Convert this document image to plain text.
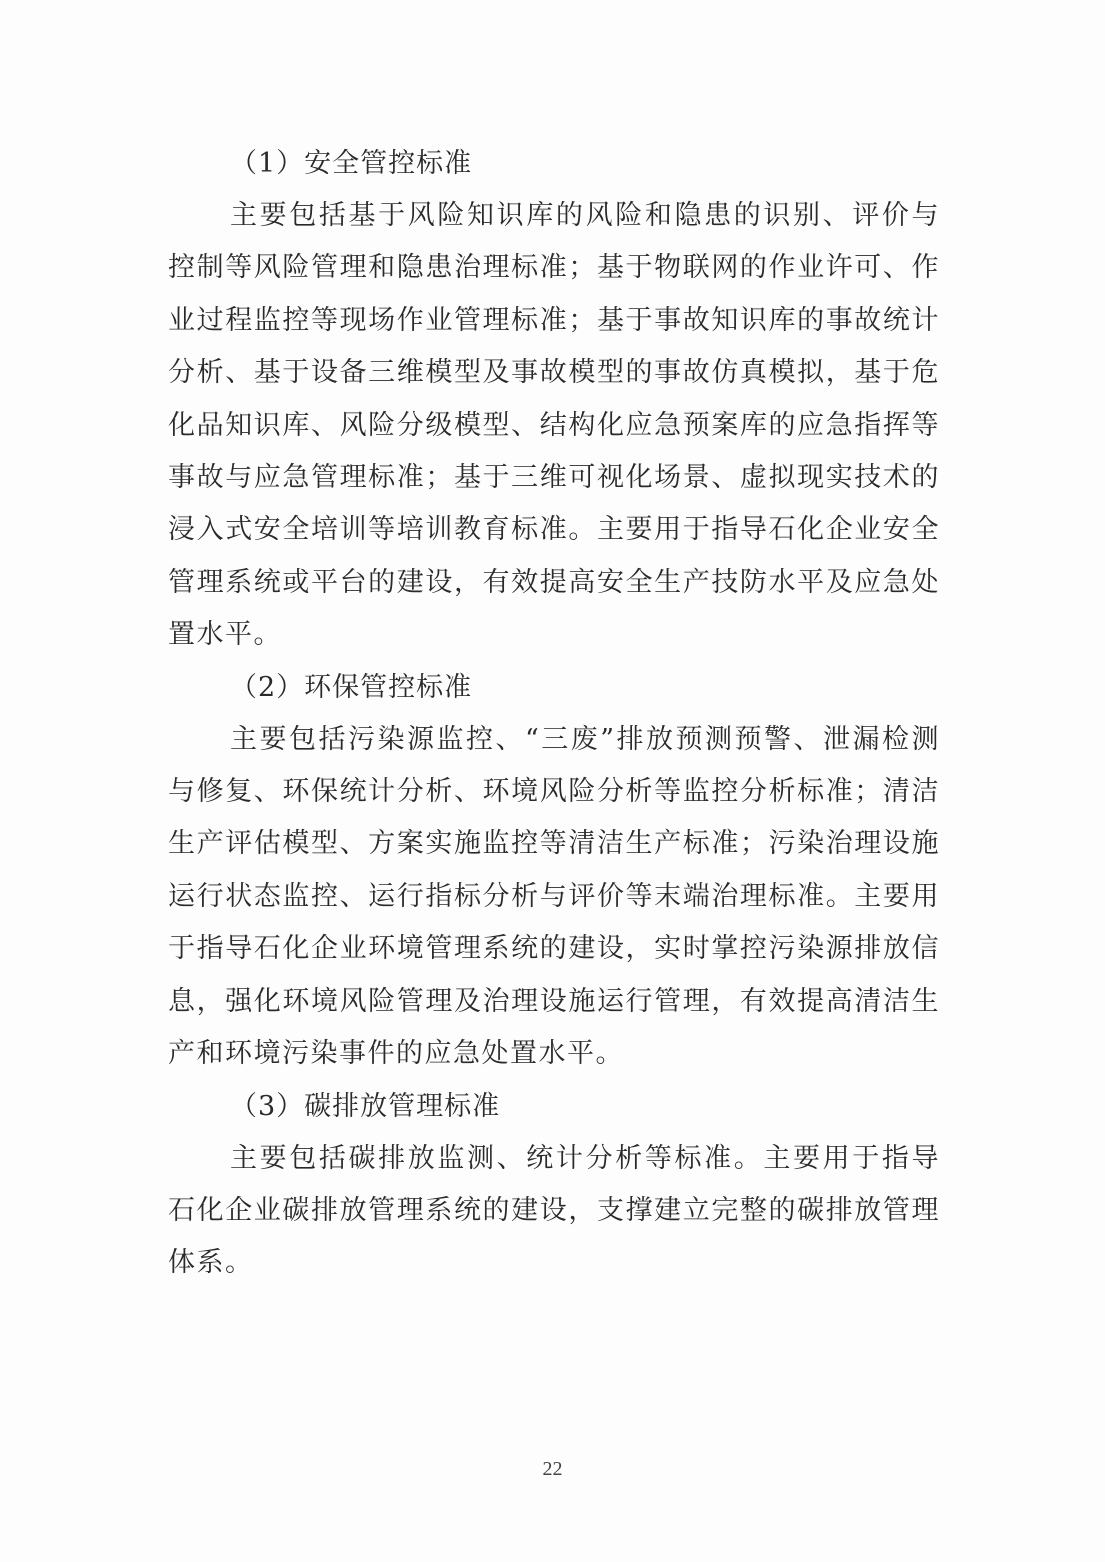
（1）安全管控标准

主要包括基于风险知识库的风险和隐患的识别、评价与控制等风险管理和隐患治理标准；基于物联网的作业许可、作业过程监控等现场作业管理标准；基于事故知识库的事故统计分析、基于设备三维模型及事故模型的事故仿真模拟，基于危化品知识库、风险分级模型、结构化应急预案库的应急指挥等事故与应急管理标准；基于三维可视化场景、虚拟现实技术的浸入式安全培训等培训教育标准。主要用于指导石化企业安全管理系统或平台的建设，有效提高安全生产技防水平及应急处置水平。

（2）环保管控标准

主要包括污染源监控、“三废”排放预测预警、泄漏检测与修复、环保统计分析、环境风险分析等监控分析标准；清洁生产评估模型、方案实施监控等清洁生产标准；污染治理设施运行状态监控、运行指标分析与评价等末端治理标准。主要用于指导石化企业环境管理系统的建设，实时掌控污染源排放信息，强化环境风险管理及治理设施运行管理，有效提高清洁生产和环境污染事件的应急处置水平。

（3）碳排放管理标准

主要包括碳排放监测、统计分析等标准。主要用于指导石化企业碳排放管理系统的建设，支撑建立完整的碳排放管理体系。

22
